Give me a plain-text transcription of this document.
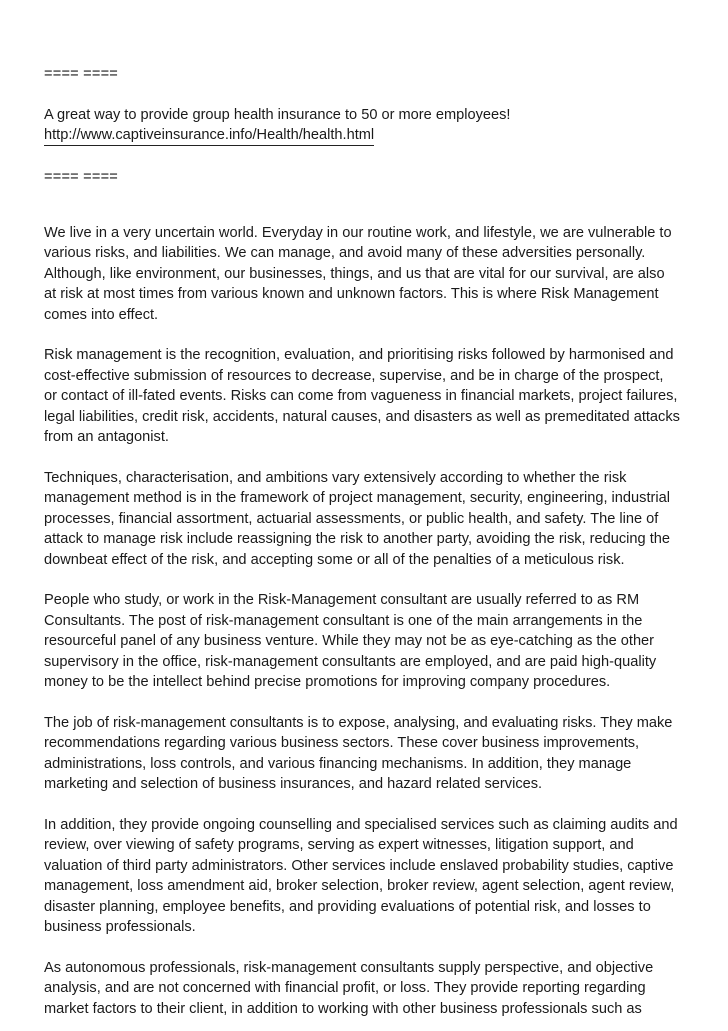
==== ====

A great way to provide group health insurance to 50 or more employees!

http://www.captiveinsurance.info/Health/health.html

==== ====

We live in a very uncertain world. Everyday in our routine work, and lifestyle, we are vulnerable to
various risks, and liabilities. We can manage, and avoid many of these adversities personally.
Although, like environment, our businesses, things, and us that are vital for our survival, are also
at risk at most times from various known and unknown factors. This is where Risk Management
comes into effect.

Risk management is the recognition, evaluation, and prioritising risks followed by harmonised and
cost-effective submission of resources to decrease, supervise, and be in charge of the prospect,
or contact of ill-fated events. Risks can come from vagueness in financial markets, project failures,
legal liabilities, credit risk, accidents, natural causes, and disasters as well as premeditated attacks
from an antagonist.

Techniques, characterisation, and ambitions vary extensively according to whether the risk
management method is in the framework of project management, security, engineering, industrial
processes, financial assortment, actuarial assessments, or public health, and safety. The line of
attack to manage risk include reassigning the risk to another party, avoiding the risk, reducing the
downbeat effect of the risk, and accepting some or all of the penalties of a meticulous risk.

People who study, or work in the Risk-Management consultant are usually referred to as RM
Consultants. The post of risk-management consultant is one of the main arrangements in the
resourceful panel of any business venture. While they may not be as eye-catching as the other
supervisory in the office, risk-management consultants are employed, and are paid high-quality
money to be the intellect behind precise promotions for improving company procedures.

The job of risk-management consultants is to expose, analysing, and evaluating risks. They make
recommendations regarding various business sectors. These cover business improvements,
administrations, loss controls, and various financing mechanisms. In addition, they manage
marketing and selection of business insurances, and hazard related services.

In addition, they provide ongoing counselling and specialised services such as claiming audits and
review, over viewing of safety programs, serving as expert witnesses, litigation support, and
valuation of third party administrators. Other services include enslaved probability studies, captive
management, loss amendment aid, broker selection, broker review, agent selection, agent review,
disaster planning, employee benefits, and providing evaluations of potential risk, and losses to
business professionals.

As autonomous professionals, risk-management consultants supply perspective, and objective
analysis, and are not concerned with financial profit, or loss. They provide reporting regarding
market factors to their client, in addition to working with other business professionals such as
